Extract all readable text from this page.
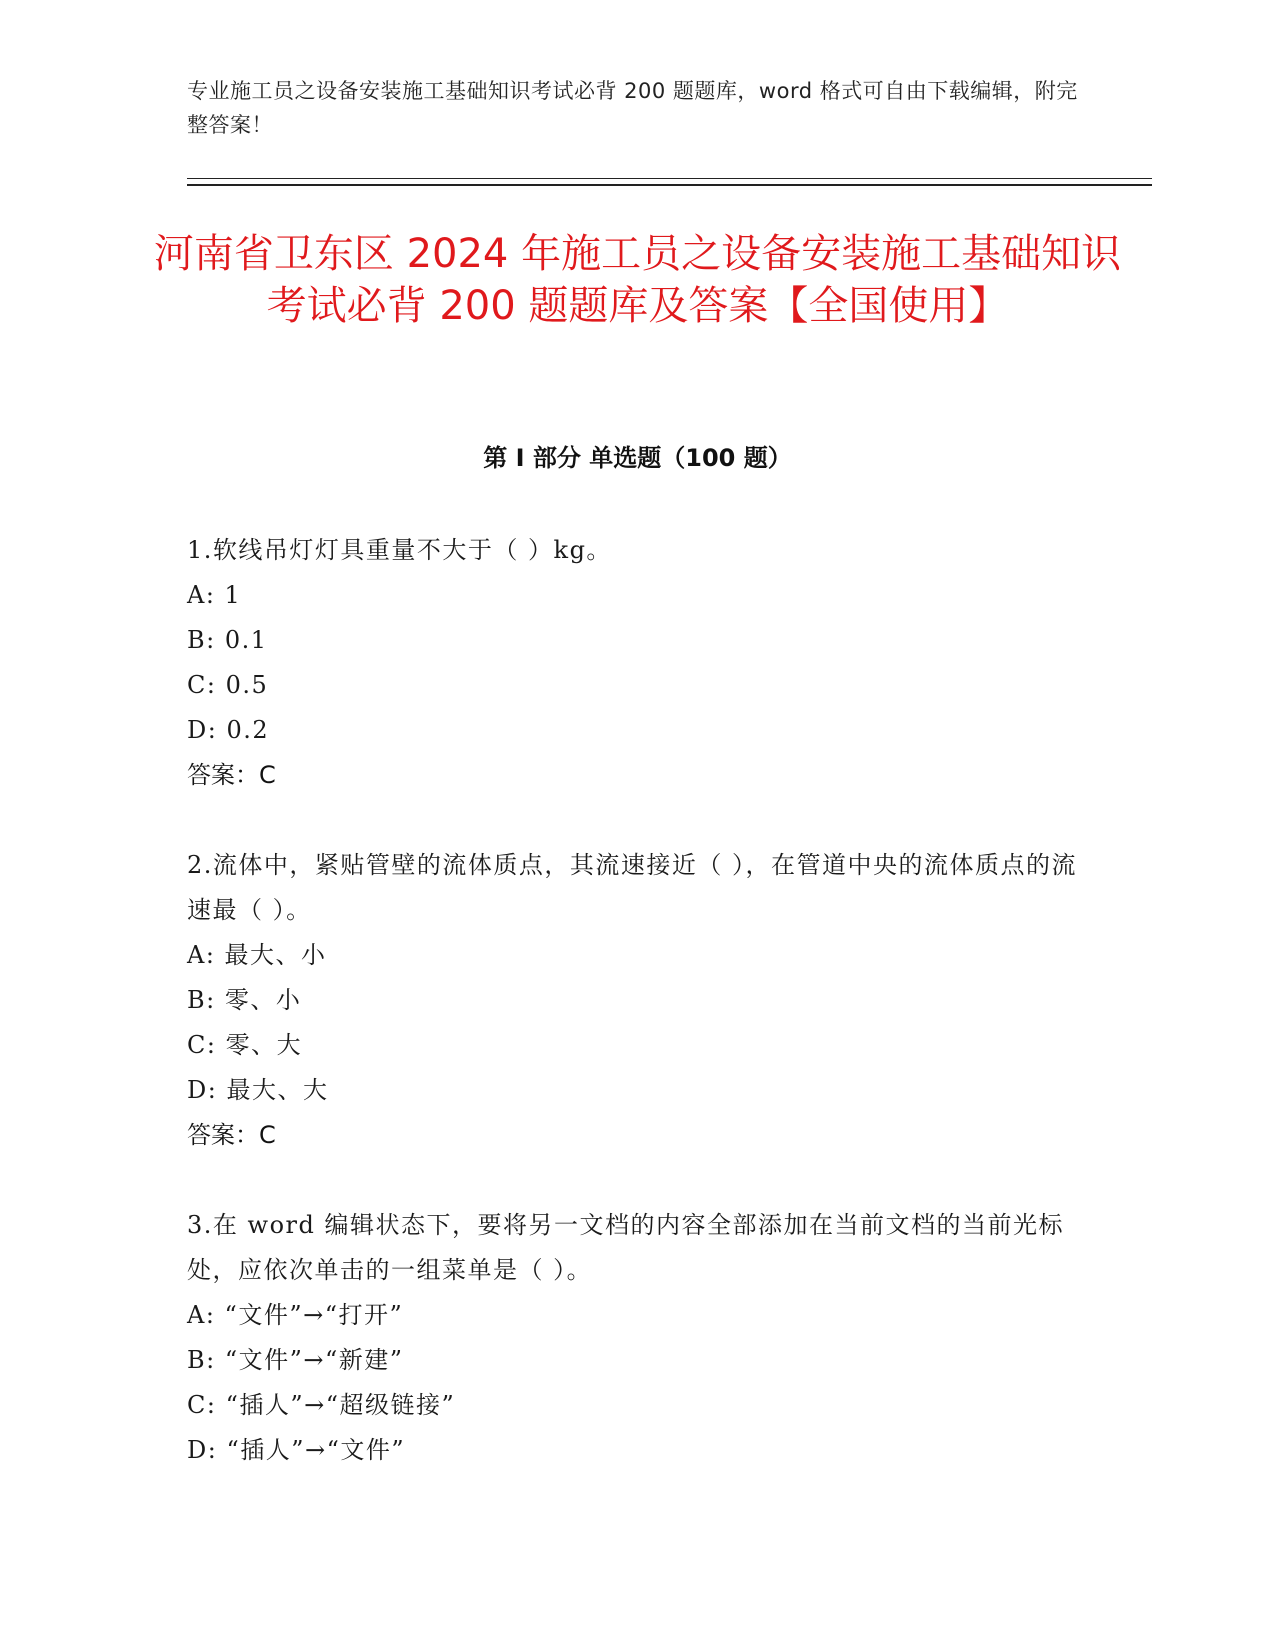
专业施工员之设备安装施工基础知识考试必背 200 题题库，word 格式可自由下载编辑，附完整答案！
河南省卫东区 2024 年施工员之设备安装施工基础知识考试必背 200 题题库及答案【全国使用】
第 I 部分 单选题（100 题）
1.软线吊灯灯具重量不大于（ ）kg。
A: 1
B: 0.1
C: 0.5
D: 0.2
答案：C
2.流体中，紧贴管壁的流体质点，其流速接近（ ），在管道中央的流体质点的流速最（ ）。
A: 最大、小
B: 零、小
C: 零、大
D: 最大、大
答案：C
3.在 word 编辑状态下，要将另一文档的内容全部添加在当前文档的当前光标处，应依次单击的一组菜单是（ ）。
A: “文件”→“打开”
B: “文件”→“新建”
C: “插人”→“超级链接”
D: “插人”→“文件”
